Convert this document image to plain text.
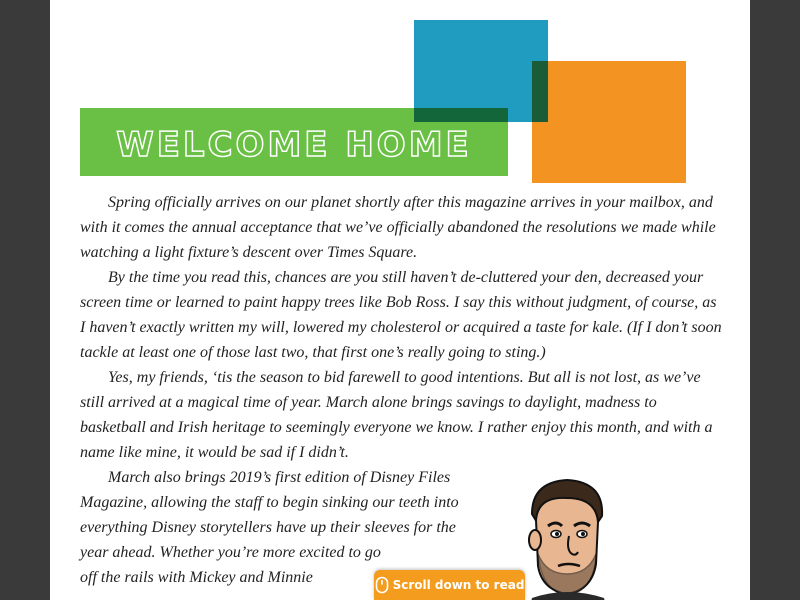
WELCOME HOME

Spring officially arrives on our planet shortly after this magazine arrives in your mailbox, and with it comes the annual acceptance that we’ve officially abandoned the resolutions we made while watching a light fixture’s descent over Times Square.

By the time you read this, chances are you still haven’t de-cluttered your den, decreased your screen time or learned to paint happy trees like Bob Ross. I say this without judgment, of course, as I haven’t exactly written my will, lowered my cholesterol or acquired a taste for kale. (If I don’t soon tackle at least one of those last two, that first one’s really going to sting.)

Yes, my friends, ‘tis the season to bid farewell to good intentions. But all is not lost, as we’ve still arrived at a magical time of year. March alone brings savings to daylight, madness to basketball and Irish heritage to seemingly everyone we know. I rather enjoy this month, and with a name like mine, it would be sad if I didn’t.

March also brings 2019’s first edition of Disney Files
Magazine, allowing the staff to begin sinking our teeth into
everything Disney storytellers have up their sleeves for the
year ahead. Whether you’re more excited to go
off the rails with Mickey and Minnie	Scroll down to read
